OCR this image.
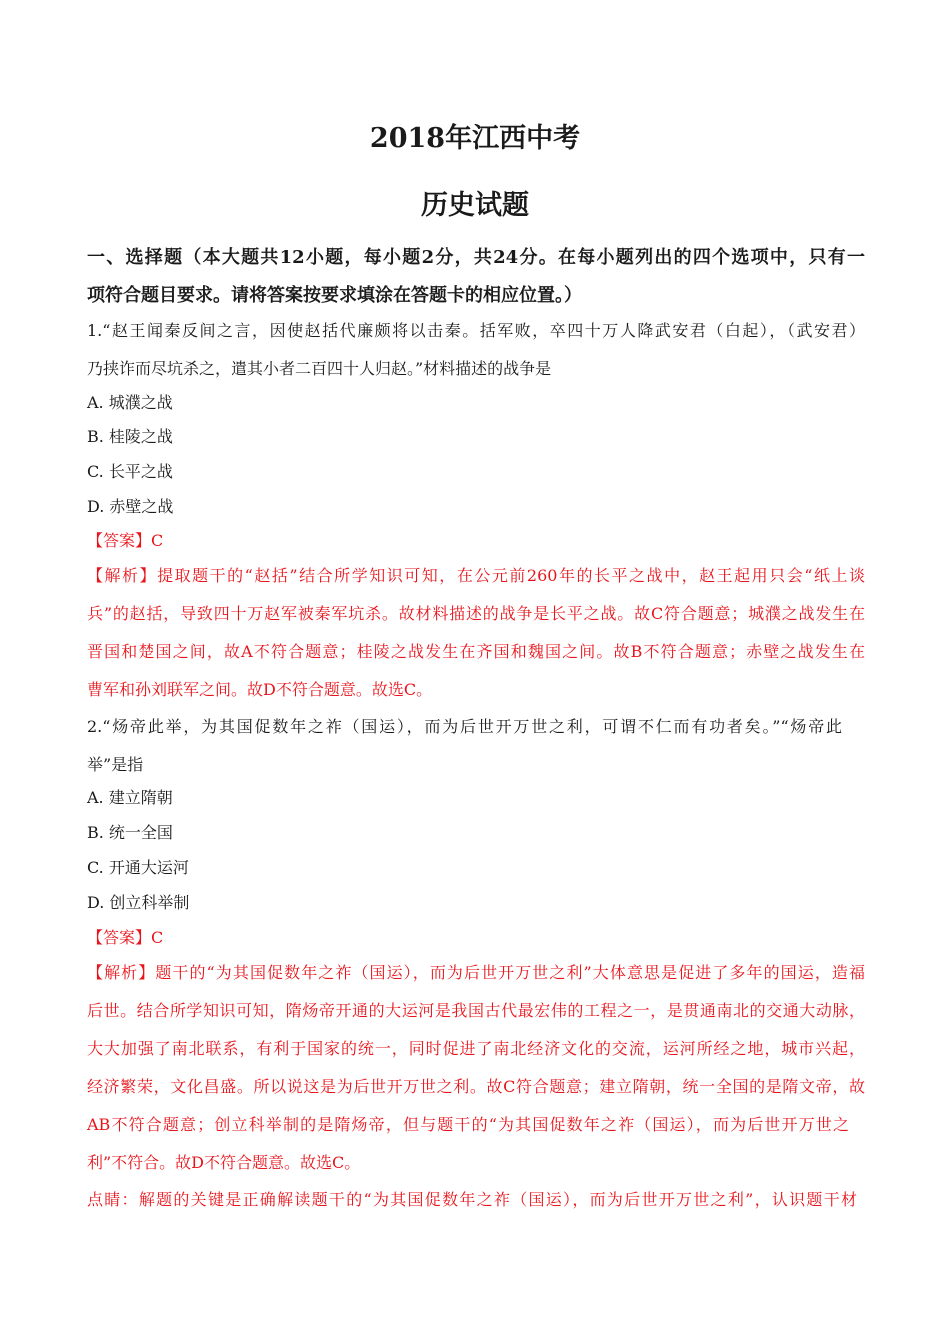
2018年江西中考
历史试题
一、选择题（本大题共12小题，每小题2分，共24分。在每小题列出的四个选项中，只有一
项符合题目要求。请将答案按要求填涂在答题卡的相应位置。）
1.“赵王闻秦反间之言，因使赵括代廉颇将以击秦。括军败，卒四十万人降武安君（白起），（武安君）
乃挟诈而尽坑杀之，遣其小者二百四十人归赵。”材料描述的战争是
A. 城濮之战
B. 桂陵之战
C. 长平之战
D. 赤壁之战
【答案】C
【解析】提取题干的“赵括”结合所学知识可知，在公元前260年的长平之战中，赵王起用只会“纸上谈
兵”的赵括，导致四十万赵军被秦军坑杀。故材料描述的战争是长平之战。故C符合题意；城濮之战发生在
晋国和楚国之间，故A不符合题意；桂陵之战发生在齐国和魏国之间。故B不符合题意；赤壁之战发生在
曹军和孙刘联军之间。故D不符合题意。故选C。
2.“炀帝此举，为其国促数年之祚（国运），而为后世开万世之利，可谓不仁而有功者矣。”“炀帝此
举”是指
A. 建立隋朝
B. 统一全国
C. 开通大运河
D. 创立科举制
【答案】C
【解析】题干的“为其国促数年之祚（国运），而为后世开万世之利”大体意思是促进了多年的国运，造福
后世。结合所学知识可知，隋炀帝开通的大运河是我国古代最宏伟的工程之一，是贯通南北的交通大动脉，
大大加强了南北联系，有利于国家的统一，同时促进了南北经济文化的交流，运河所经之地，城市兴起，
经济繁荣，文化昌盛。所以说这是为后世开万世之利。故C符合题意；建立隋朝，统一全国的是隋文帝，故
AB不符合题意；创立科举制的是隋炀帝，但与题干的“为其国促数年之祚（国运），而为后世开万世之
利”不符合。故D不符合题意。故选C。
点睛：解题的关键是正确解读题干的“为其国促数年之祚（国运），而为后世开万世之利”，认识题干材
